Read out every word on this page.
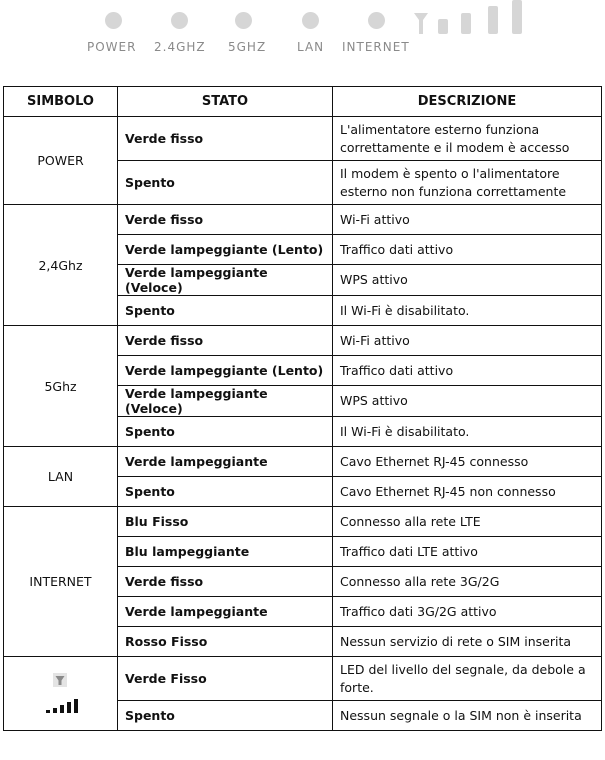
POWER 2.4GHZ 5GHZ	LAN INTERNET
SIMBOLO	STATO	DESCRIZIONE
POWER	Verde fisso	L'alimentatore esterno funziona correttamente e il modem è accesso
	Spento	Il modem è spento o l'alimentatore esterno non funziona correttamente
2,4Ghz	Verde fisso	Wi-Fi attivo
	Verde lampeggiante (Lento)	Traffico dati attivo
	Verde lampeggiante (Veloce)	WPS attivo
	Spento	Il Wi-Fi è disabilitato.
5Ghz	Verde fisso	Wi-Fi attivo
	Verde lampeggiante (Lento)	Traffico dati attivo
	Verde lampeggiante (Veloce)	WPS attivo
	Spento	Il Wi-Fi è disabilitato.
LAN	Verde lampeggiante	Cavo Ethernet RJ-45 connesso
	Spento	Cavo Ethernet RJ-45 non connesso
INTERNET	Blu Fisso	Connesso alla rete LTE
	Blu lampeggiante	Traffico dati LTE attivo
	Verde fisso	Connesso alla rete 3G/2G
	Verde lampeggiante	Traffico dati 3G/2G attivo
	Rosso Fisso	Nessun servizio di rete o SIM inserita

	Verde Fisso	LED del livello del segnale, da debole a forte.
	Spento	Nessun segnale o la SIM non è inserita
